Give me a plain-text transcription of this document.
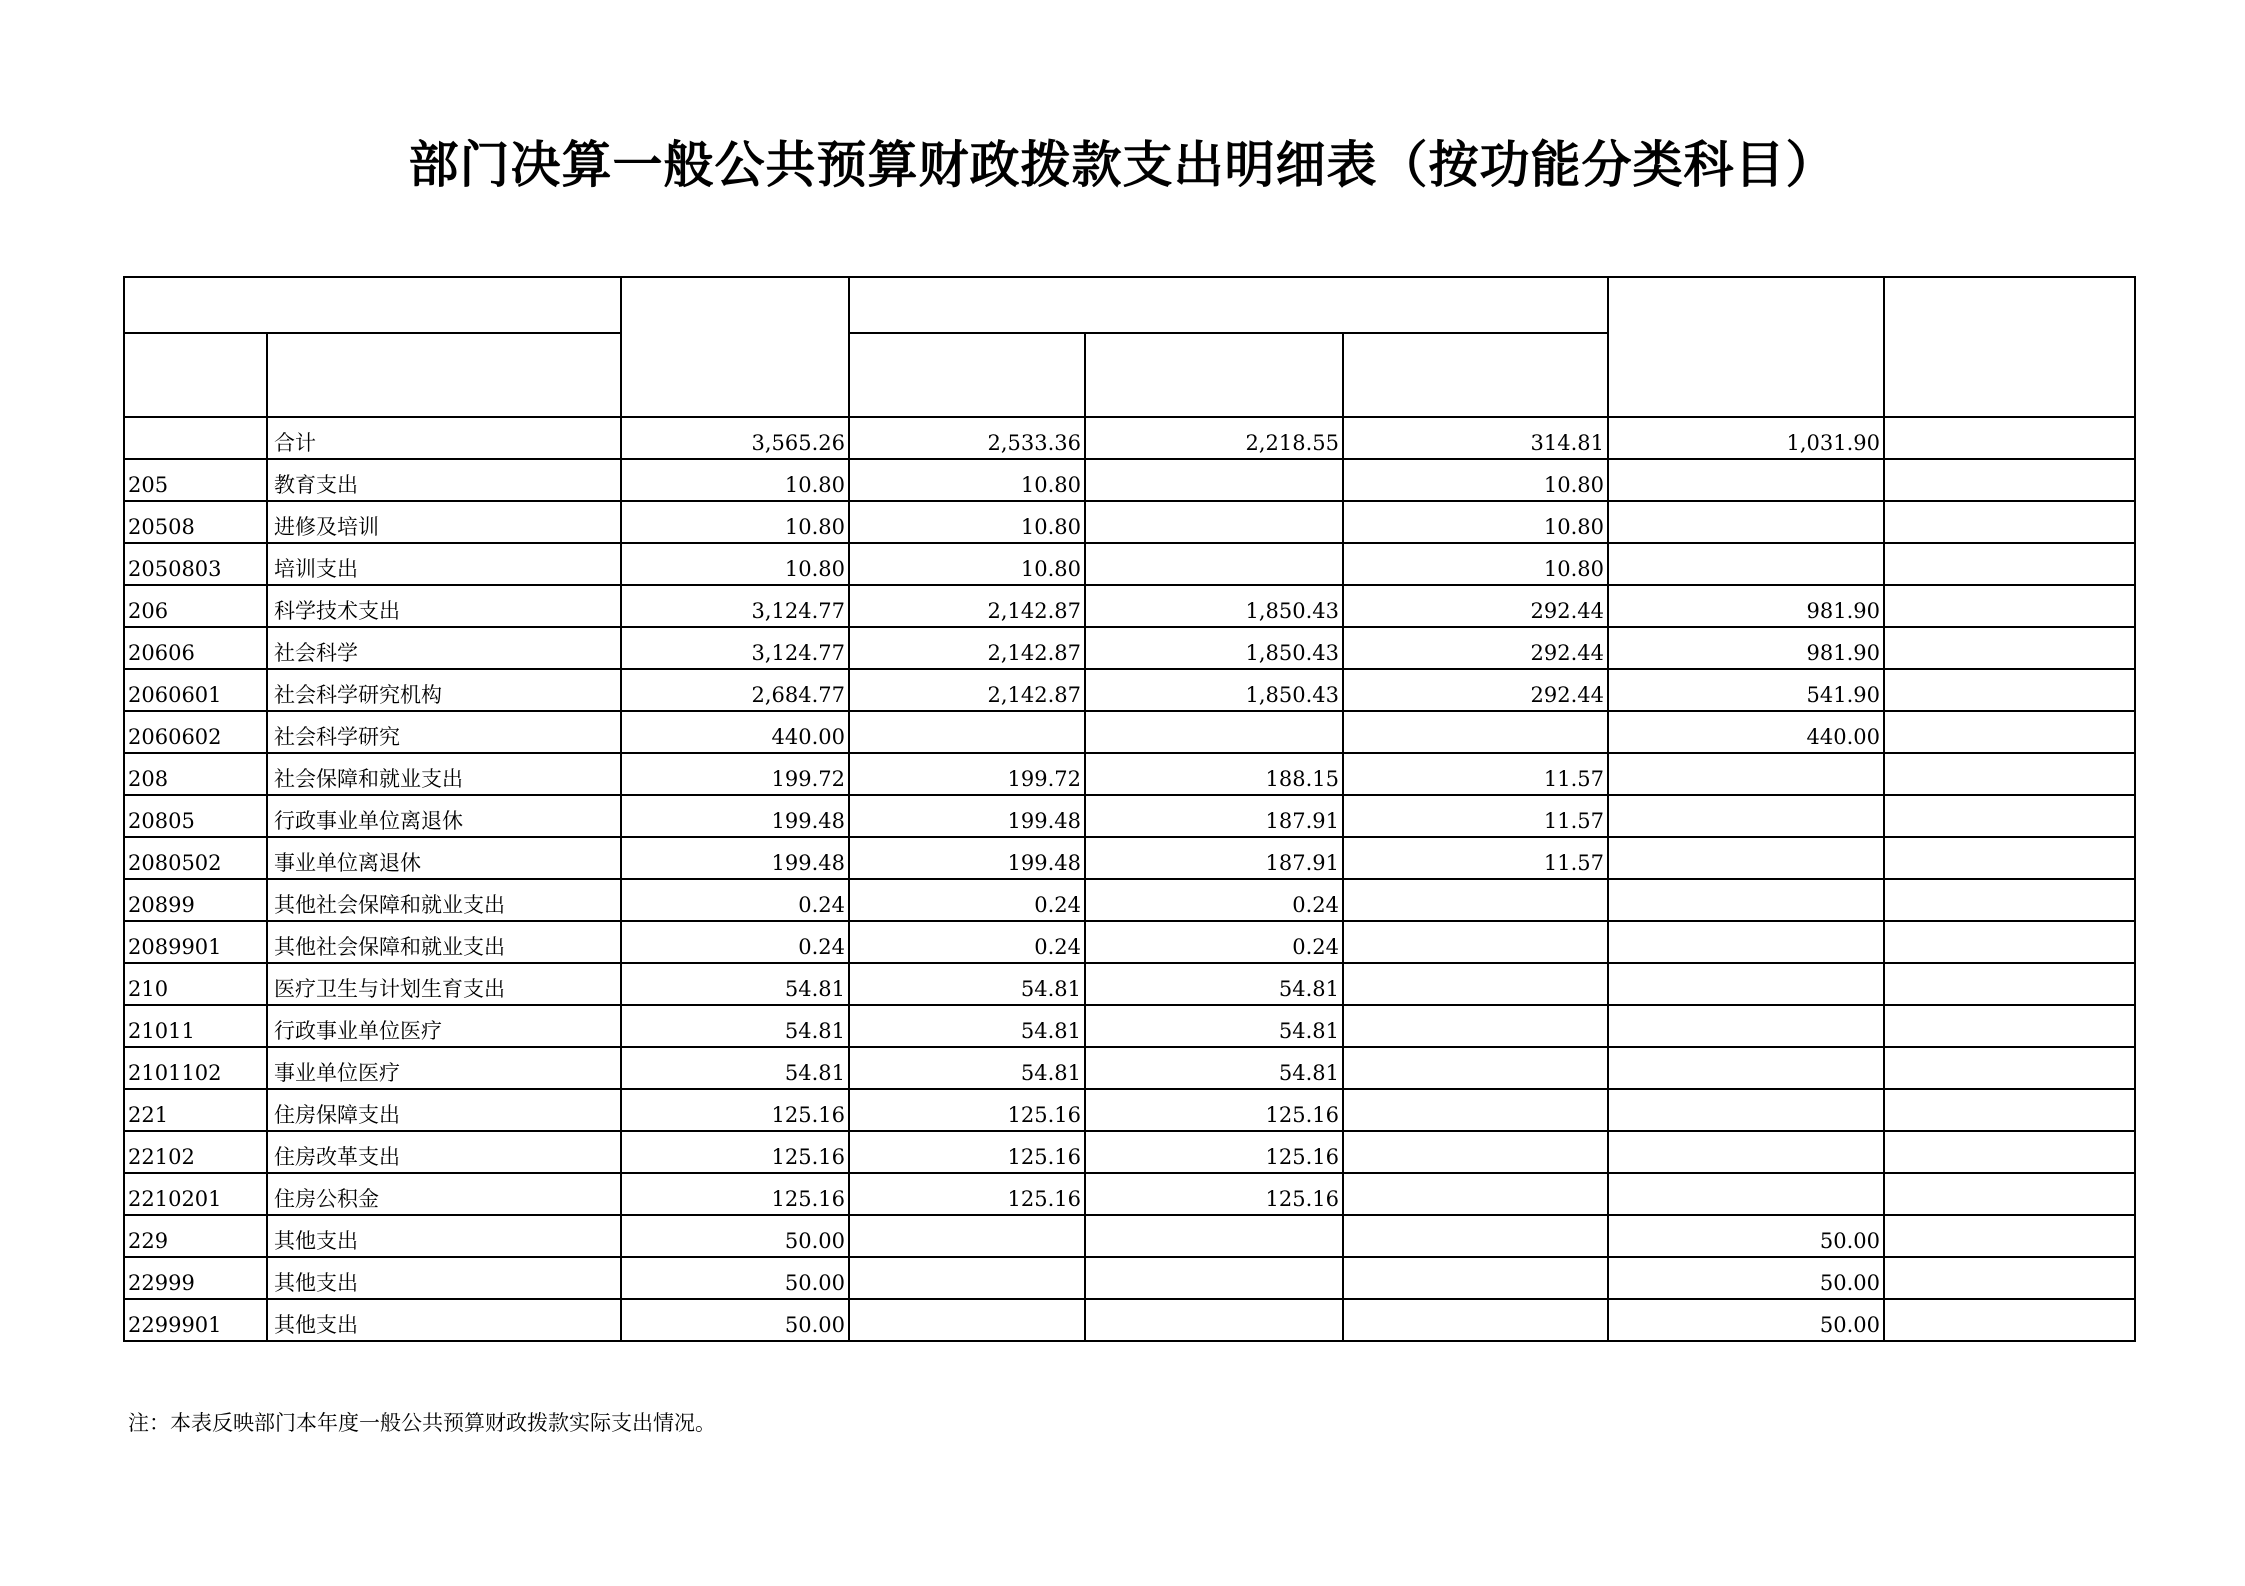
部门决算一般公共预算财政拨款支出明细表（按功能分类科目）

	合计	3,565.26	2,533.36	2,218.55	314.81	1,031.90	
205	教育支出	10.80	10.80		10.80		
20508	进修及培训	10.80	10.80		10.80		
2050803	培训支出	10.80	10.80		10.80		
206	科学技术支出	3,124.77	2,142.87	1,850.43	292.44	981.90	
20606	社会科学	3,124.77	2,142.87	1,850.43	292.44	981.90	
2060601	社会科学研究机构	2,684.77	2,142.87	1,850.43	292.44	541.90	
2060602	社会科学研究	440.00				440.00	
208	社会保障和就业支出	199.72	199.72	188.15	11.57		
20805	行政事业单位离退休	199.48	199.48	187.91	11.57		
2080502	事业单位离退休	199.48	199.48	187.91	11.57		
20899	其他社会保障和就业支出	0.24	0.24	0.24			
2089901	其他社会保障和就业支出	0.24	0.24	0.24			
210	医疗卫生与计划生育支出	54.81	54.81	54.81			
21011	行政事业单位医疗	54.81	54.81	54.81			
2101102	事业单位医疗	54.81	54.81	54.81			
221	住房保障支出	125.16	125.16	125.16			
22102	住房改革支出	125.16	125.16	125.16			
2210201	住房公积金	125.16	125.16	125.16			
229	其他支出	50.00				50.00	
22999	其他支出	50.00				50.00	
2299901	其他支出	50.00				50.00	

注：本表反映部门本年度一般公共预算财政拨款实际支出情况。
